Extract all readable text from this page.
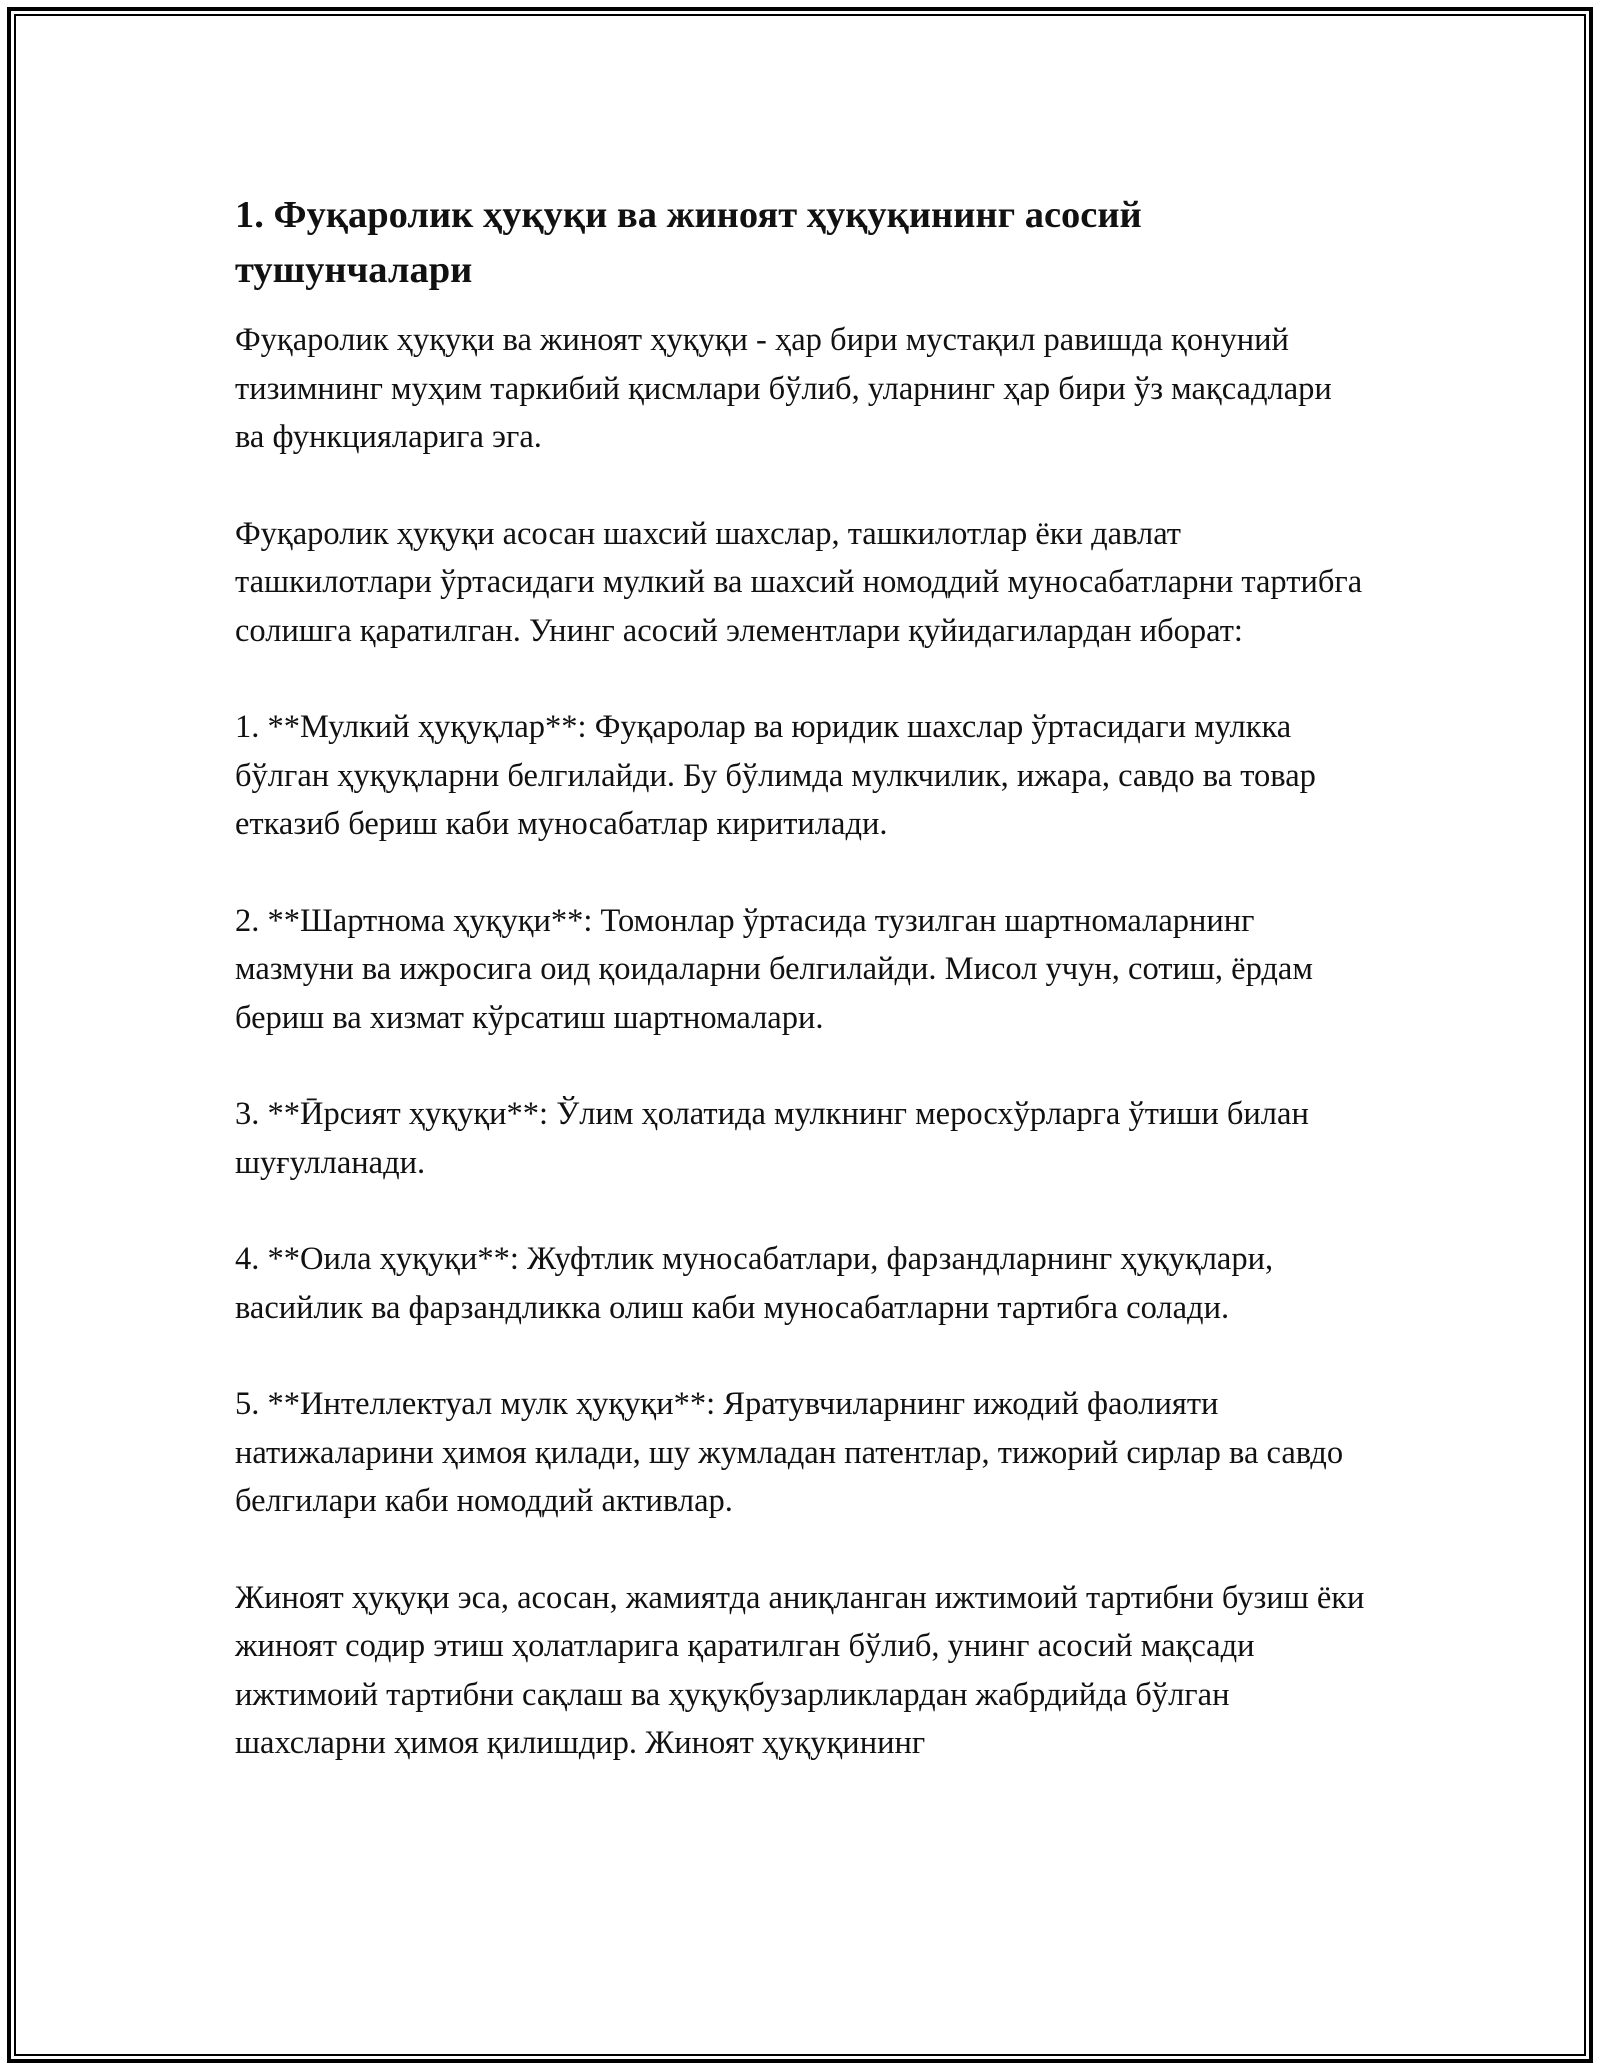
1. Фуқаролик ҳуқуқи ва жиноят ҳуқуқининг асосий тушунчалари

Фуқаролик ҳуқуқи ва жиноят ҳуқуқи - ҳар бири мустақил равишда қонуний тизимнинг муҳим таркибий қисмлари бўлиб, уларнинг ҳар бири ўз мақсадлари ва функцияларига эга.

Фуқаролик ҳуқуқи асосан шахсий шахслар, ташкилотлар ёки давлат ташкилотлари ўртасидаги мулкий ва шахсий номоддий муносабатларни тартибга солишга қаратилган. Унинг асосий элементлари қуйидагилардан иборат:

1. **Мулкий ҳуқуқлар**: Фуқаролар ва юридик шахслар ўртасидаги мулкка бўлган ҳуқуқларни белгилайди. Бу бўлимда мулкчилик, ижара, савдо ва товар етказиб бериш каби муносабатлар киритилади.

2. **Шартнома ҳуқуқи**: Томонлар ўртасида тузилган шартномаларнинг мазмуни ва ижросига оид қоидаларни белгилайди. Мисол учун, сотиш, ёрдам бериш ва хизмат кўрсатиш шартномалари.

3. **Ӣрсият ҳуқуқи**: Ўлим ҳолатида мулкнинг меросхўрларга ўтиши билан шуғулланади.

4. **Оила ҳуқуқи**: Жуфтлик муносабатлари, фарзандларнинг ҳуқуқлари, васийлик ва фарзандликка олиш каби муносабатларни тартибга солади.

5. **Интеллектуал мулк ҳуқуқи**: Яратувчиларнинг ижодий фаолияти натижаларини ҳимоя қилади, шу жумладан патентлар, тижорий сирлар ва савдо белгилари каби номоддий активлар.

Жиноят ҳуқуқи эса, асосан, жамиятда аниқланган ижтимоий тартибни бузиш ёки жиноят содир этиш ҳолатларига қаратилган бўлиб, унинг асосий мақсади ижтимоий тартибни сақлаш ва ҳуқуқбузарликлардан жабрдийда бўлган шахсларни ҳимоя қилишдир. Жиноят ҳуқуқининг
